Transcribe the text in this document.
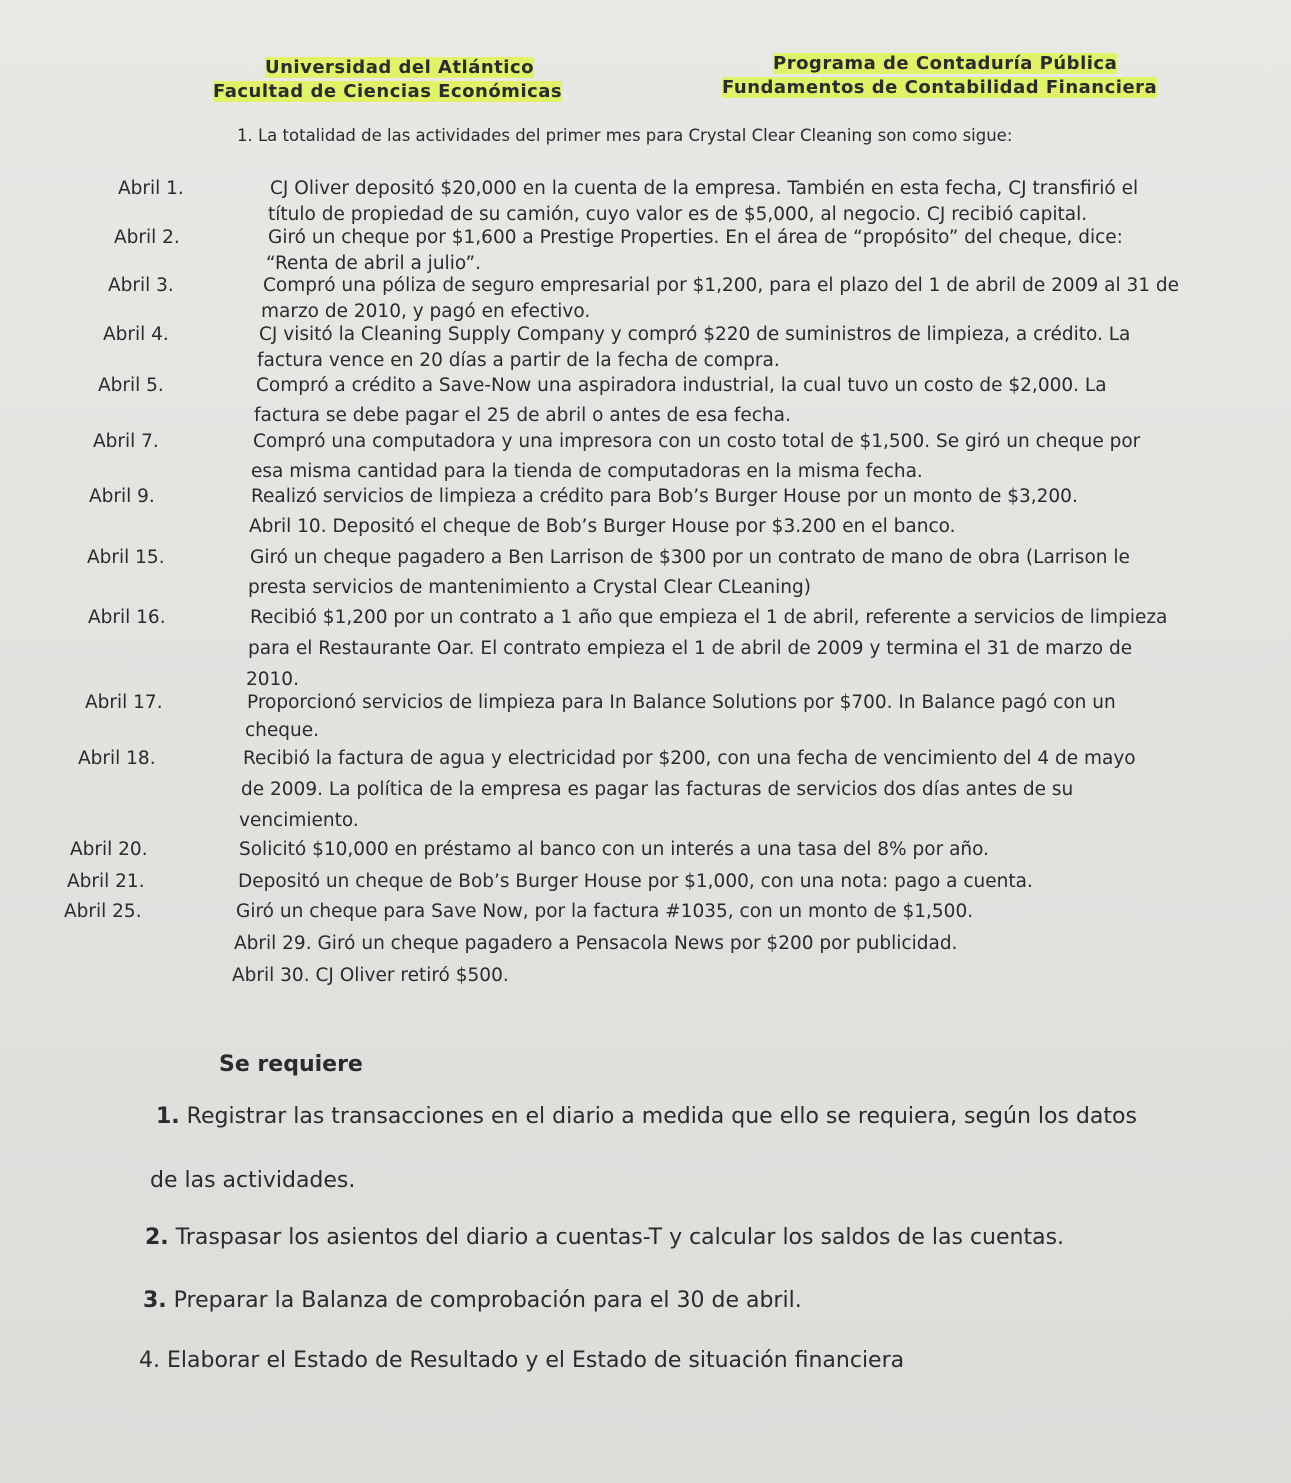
Universidad del Atlántico
Facultad de Ciencias Económicas
Programa de Contaduría Pública
Fundamentos de Contabilidad Financiera
1. La totalidad de las actividades del primer mes para Crystal Clear Cleaning son como sigue:
Abril 1.	CJ Oliver depositó $20,000 en la cuenta de la empresa. También en esta fecha, CJ transfirió el
título de propiedad de su camión, cuyo valor es de $5,000, al negocio. CJ recibió capital.
Abril 2.	Giró un cheque por $1,600 a Prestige Properties. En el área de “propósito” del cheque, dice:
“Renta de abril a julio”.
Abril 3.	Compró una póliza de seguro empresarial por $1,200, para el plazo del 1 de abril de 2009 al 31 de
marzo de 2010, y pagó en efectivo.
Abril 4.	CJ visitó la Cleaning Supply Company y compró $220 de suministros de limpieza, a crédito. La
factura vence en 20 días a partir de la fecha de compra.
Abril 5.	Compró a crédito a Save-Now una aspiradora industrial, la cual tuvo un costo de $2,000. La
factura se debe pagar el 25 de abril o antes de esa fecha.
Abril 7.	Compró una computadora y una impresora con un costo total de $1,500. Se giró un cheque por
esa misma cantidad para la tienda de computadoras en la misma fecha.
Abril 9.	Realizó servicios de limpieza a crédito para Bob’s Burger House por un monto de $3,200.
Abril 10. Depositó el cheque de Bob’s Burger House por $3.200 en el banco.
Abril 15.	Giró un cheque pagadero a Ben Larrison de $300 por un contrato de mano de obra (Larrison le
presta servicios de mantenimiento a Crystal Clear CLeaning)
Abril 16.	Recibió $1,200 por un contrato a 1 año que empieza el 1 de abril, referente a servicios de limpieza
para el Restaurante Oar. El contrato empieza el 1 de abril de 2009 y termina el 31 de marzo de
2010.
Abril 17.	Proporcionó servicios de limpieza para In Balance Solutions por $700. In Balance pagó con un
cheque.
Abril 18.	Recibió la factura de agua y electricidad por $200, con una fecha de vencimiento del 4 de mayo
de 2009. La política de la empresa es pagar las facturas de servicios dos días antes de su
vencimiento.
Abril 20.	Solicitó $10,000 en préstamo al banco con un interés a una tasa del 8% por año.
Abril 21.	Depositó un cheque de Bob’s Burger House por $1,000, con una nota: pago a cuenta.
Abril 25.	Giró un cheque para Save Now, por la factura #1035, con un monto de $1,500.
Abril 29. Giró un cheque pagadero a Pensacola News por $200 por publicidad.
Abril 30. CJ Oliver retiró $500.
Se requiere
1. Registrar las transacciones en el diario a medida que ello se requiera, según los datos
de las actividades.
2. Traspasar los asientos del diario a cuentas-T y calcular los saldos de las cuentas.
3. Preparar la Balanza de comprobación para el 30 de abril.
4. Elaborar el Estado de Resultado y el Estado de situación financiera
